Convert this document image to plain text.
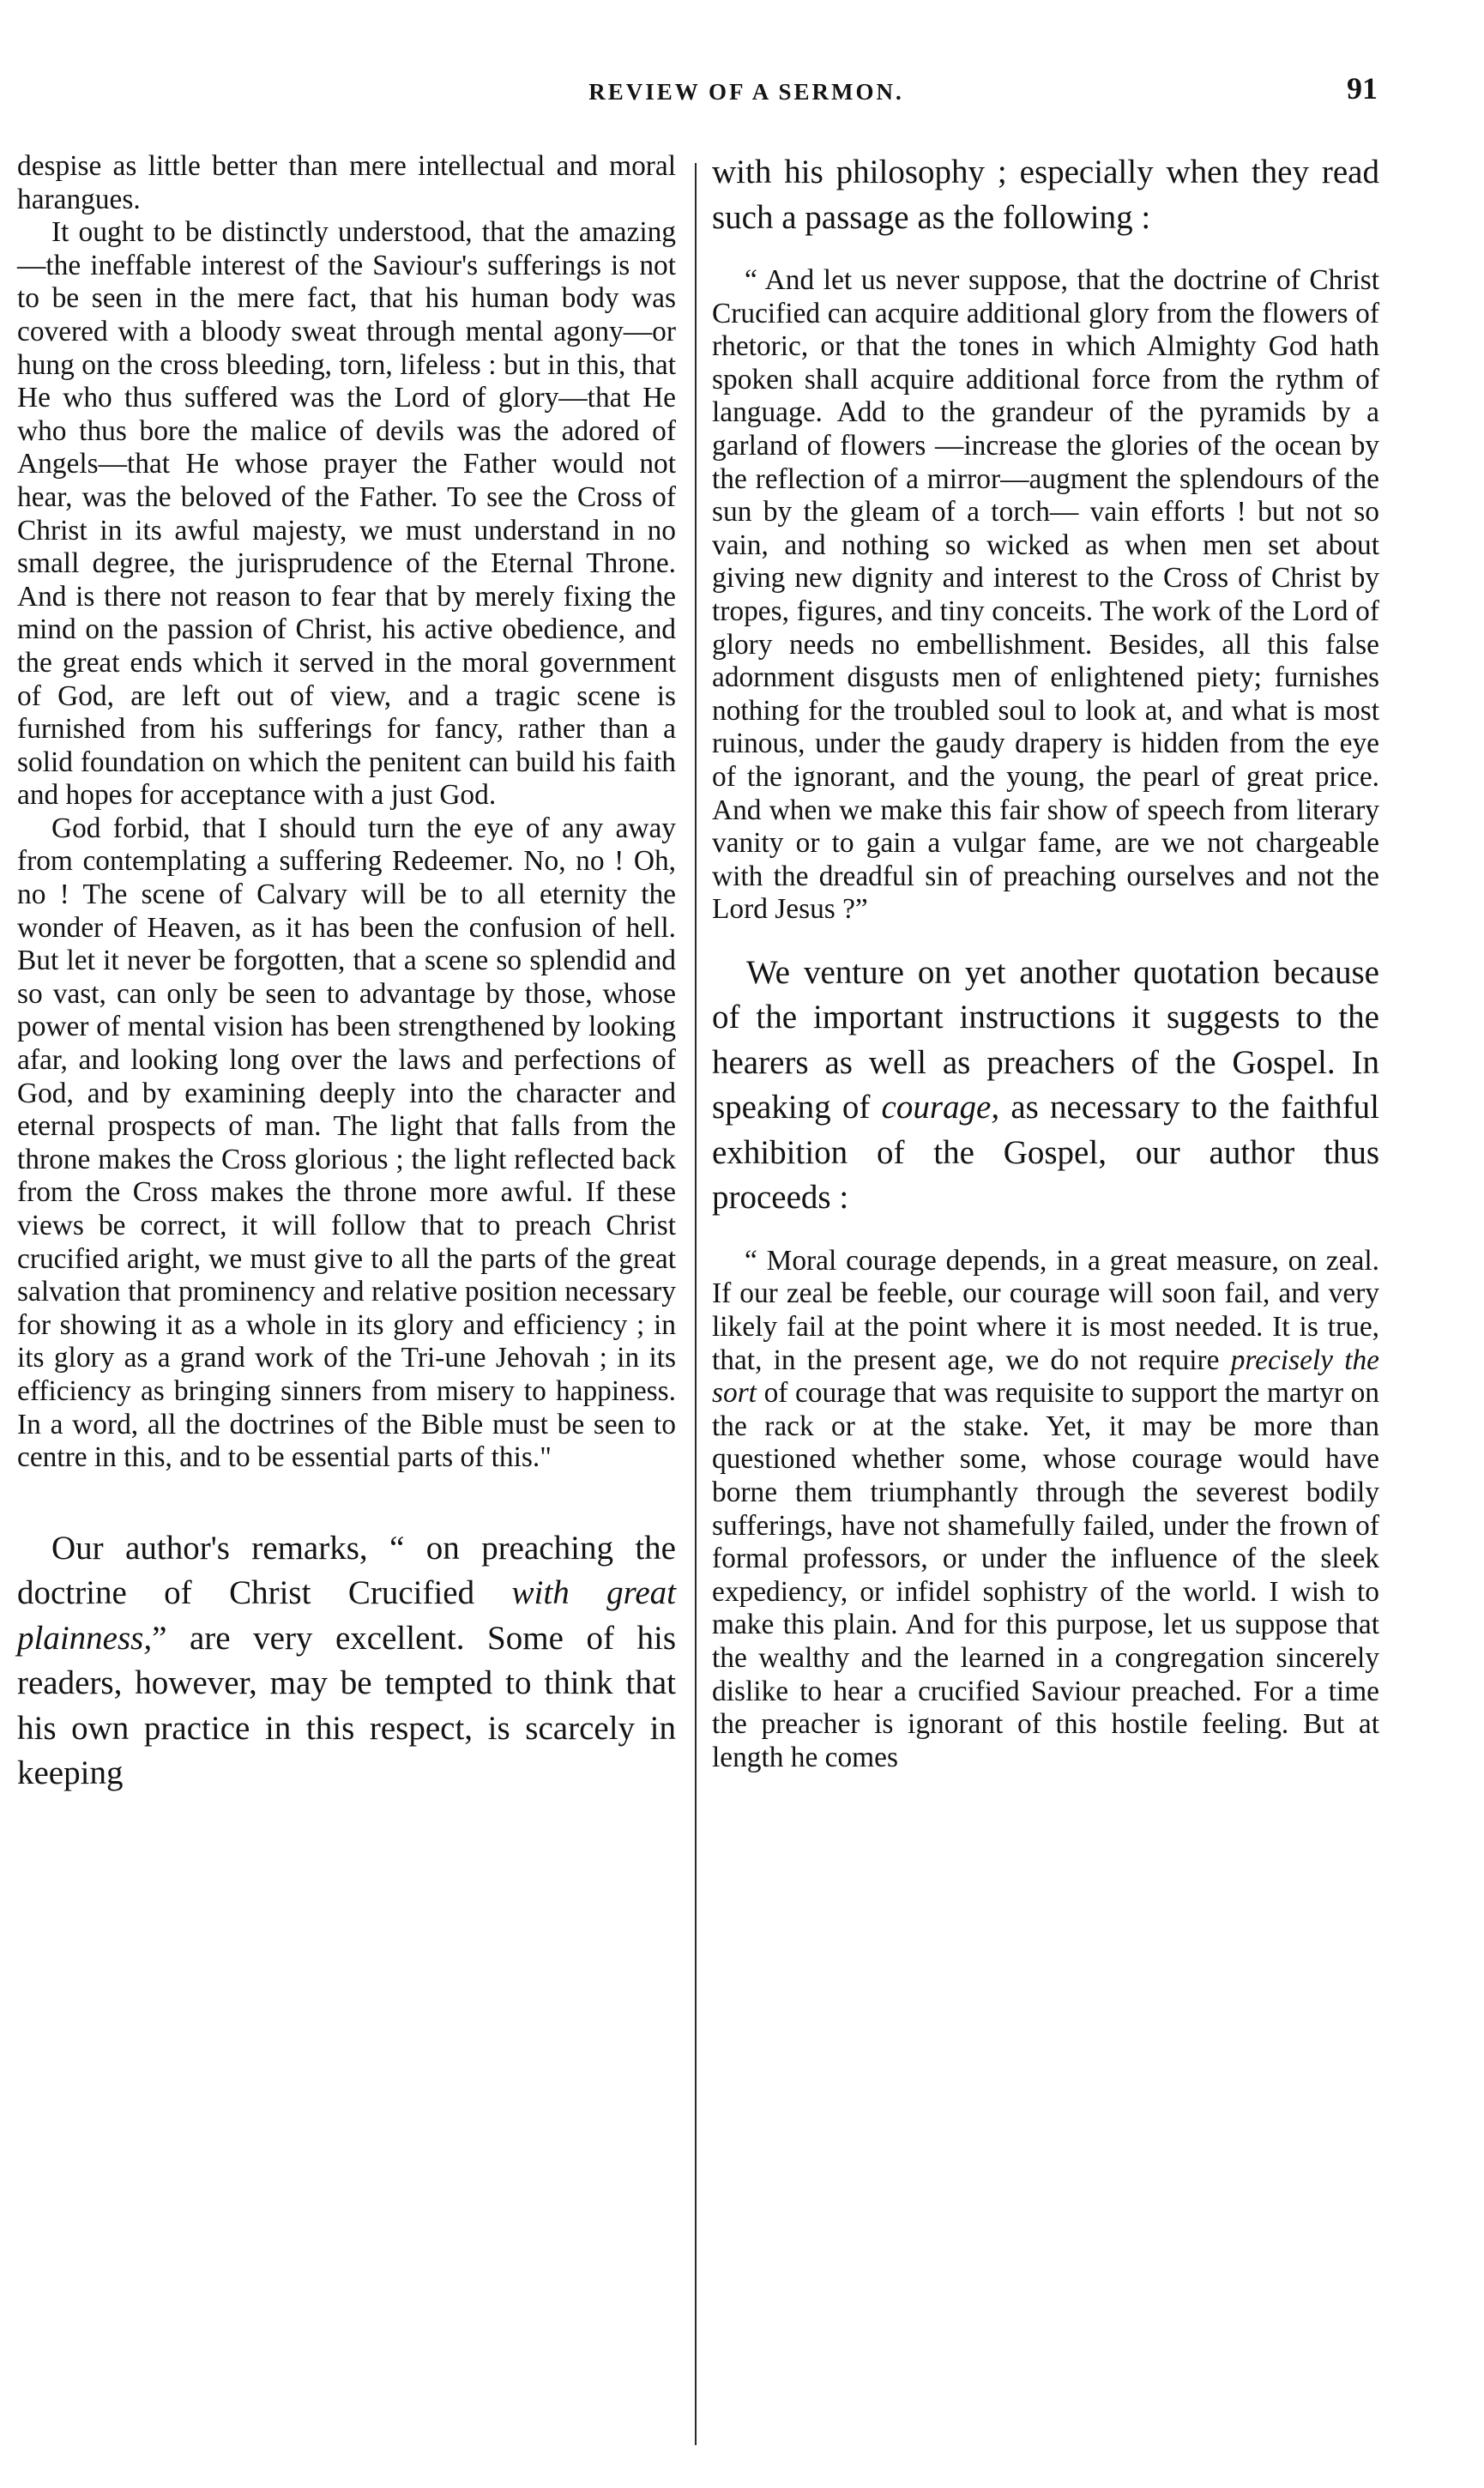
REVIEW OF A SERMON.	91

despise as little better than mere intellectual and moral harangues.

It ought to be distinctly understood, that the amazing—the ineffable interest of the Saviour's sufferings is not to be seen in the mere fact, that his human body was covered with a bloody sweat through mental agony—or hung on the cross bleeding, torn, lifeless : but in this, that He who thus suffered was the Lord of glory—that He who thus bore the malice of devils was the adored of Angels—that He whose prayer the Father would not hear, was the beloved of the Father. To see the Cross of Christ in its awful majesty, we must understand in no small degree, the jurisprudence of the Eternal Throne. And is there not reason to fear that by merely fixing the mind on the passion of Christ, his active obedience, and the great ends which it served in the moral government of God, are left out of view, and a tragic scene is furnished from his sufferings for fancy, rather than a solid foundation on which the penitent can build his faith and hopes for acceptance with a just God.

God forbid, that I should turn the eye of any away from contemplating a suffering Redeemer. No, no ! Oh, no ! The scene of Calvary will be to all eternity the wonder of Heaven, as it has been the confusion of hell. But let it never be forgotten, that a scene so splendid and so vast, can only be seen to advantage by those, whose power of mental vision has been strengthened by looking afar, and looking long over the laws and perfections of God, and by examining deeply into the character and eternal prospects of man. The light that falls from the throne makes the Cross glorious ; the light reflected back from the Cross makes the throne more awful. If these views be correct, it will follow that to preach Christ crucified aright, we must give to all the parts of the great salvation that prominency and relative position necessary for showing it as a whole in its glory and efficiency ; in its glory as a grand work of the Tri-une Jehovah ; in its efficiency as bringing sinners from misery to happiness. In a word, all the doctrines of the Bible must be seen to centre in this, and to be essential parts of this."

Our author's remarks, “ on preaching the doctrine of Christ Crucified with great plainness,” are very excellent. Some of his readers, however, may be tempted to think that his own practice in this respect, is scarcely in keeping

with his philosophy ; especially when they read such a passage as the following :

“ And let us never suppose, that the doctrine of Christ Crucified can acquire additional glory from the flowers of rhetoric, or that the tones in which Almighty God hath spoken shall acquire additional force from the rythm of language. Add to the grandeur of the pyramids by a garland of flowers —increase the glories of the ocean by the reflection of a mirror—augment the splendours of the sun by the gleam of a torch— vain efforts ! but not so vain, and nothing so wicked as when men set about giving new dignity and interest to the Cross of Christ by tropes, figures, and tiny conceits. The work of the Lord of glory needs no embellishment. Besides, all this false adornment disgusts men of enlightened piety; furnishes nothing for the troubled soul to look at, and what is most ruinous, under the gaudy drapery is hidden from the eye of the ignorant, and the young, the pearl of great price. And when we make this fair show of speech from literary vanity or to gain a vulgar fame, are we not chargeable with the dreadful sin of preaching ourselves and not the Lord Jesus ?”

We venture on yet another quotation because of the important instructions it suggests to the hearers as well as preachers of the Gospel. In speaking of courage, as necessary to the faithful exhibition of the Gospel, our author thus proceeds :

“ Moral courage depends, in a great measure, on zeal. If our zeal be feeble, our courage will soon fail, and very likely fail at the point where it is most needed. It is true, that, in the present age, we do not require precisely the sort of courage that was requisite to support the martyr on the rack or at the stake. Yet, it may be more than questioned whether some, whose courage would have borne them triumphantly through the severest bodily sufferings, have not shamefully failed, under the frown of formal professors, or under the influence of the sleek expediency, or infidel sophistry of the world. I wish to make this plain. And for this purpose, let us suppose that the wealthy and the learned in a congregation sincerely dislike to hear a crucified Saviour preached. For a time the preacher is ignorant of this hostile feeling. But at length he comes
